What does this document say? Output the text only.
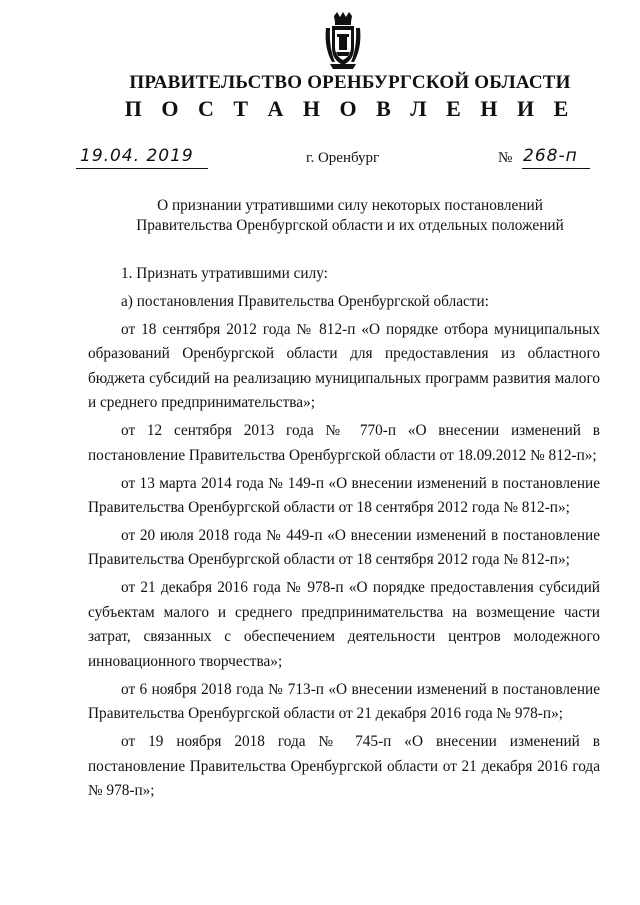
ПРАВИТЕЛЬСТВО ОРЕНБУРГСКОЙ ОБЛАСТИ
П О С Т А Н О В Л Е Н И Е
19.04. 2019	г. Оренбург	№ 268-п
О признании утратившими силу некоторых постановлений
Правительства Оренбургской области и их отдельных положений

1. Признать утратившими силу:

а) постановления Правительства Оренбургской области:

от 18 сентября 2012 года № 812-п «О порядке отбора муниципальных образований Оренбургской области для предоставления из областного бюджета субсидий на реализацию муниципальных программ развития малого и среднего предпринимательства»;

от 12 сентября 2013 года № 770-п «О внесении изменений в постановление Правительства Оренбургской области от 18.09.2012 № 812-п»;

от 13 марта 2014 года № 149-п «О внесении изменений в постановление Правительства Оренбургской области от 18 сентября 2012 года № 812-п»;

от 20 июля 2018 года № 449-п «О внесении изменений в постановление Правительства Оренбургской области от 18 сентября 2012 года № 812-п»;

от 21 декабря 2016 года № 978-п «О порядке предоставления субсидий субъектам малого и среднего предпринимательства на возмещение части затрат, связанных с обеспечением деятельности центров молодежного инновационного творчества»;

от 6 ноября 2018 года № 713-п «О внесении изменений в постановление Правительства Оренбургской области от 21 декабря 2016 года № 978-п»;

от 19 ноября 2018 года № 745-п «О внесении изменений в постановление Правительства Оренбургской области от 21 декабря 2016 года № 978-п»;
